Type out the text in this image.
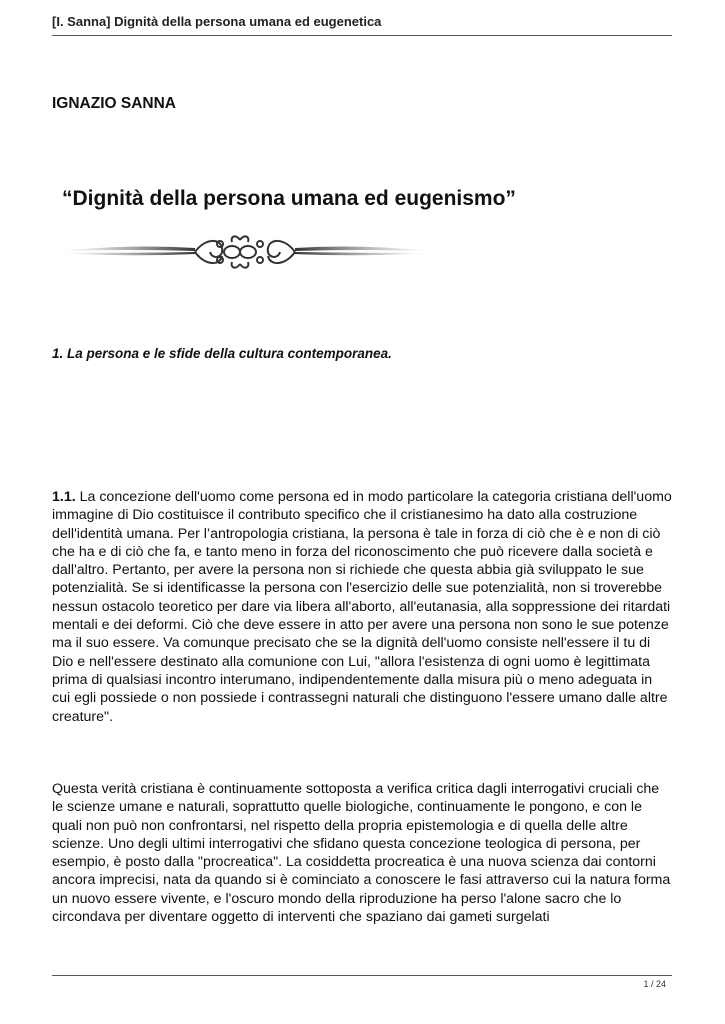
[I. Sanna] Dignità della persona umana ed eugenetica
IGNAZIO SANNA
“Dignità della persona umana ed eugenismo”
1. La persona e le sfide della cultura contemporanea.

1.1. La concezione dell'uomo come persona ed in modo particolare la categoria cristiana dell'uomo immagine di Dio costituisce il contributo specifico che il cristianesimo ha dato alla costruzione dell'identità umana. Per l’antropologia cristiana, la persona è tale in forza di ciò che è e non di ciò che ha e di ciò che fa, e tanto meno in forza del riconoscimento che può ricevere dalla società e dall'altro. Pertanto, per avere la persona non si richiede che questa abbia già sviluppato le sue potenzialità. Se si identificasse la persona con l'esercizio delle sue potenzialità, non si troverebbe nessun ostacolo teoretico per dare via libera all'aborto, all'eutanasia, alla soppressione dei ritardati mentali e dei deformi. Ciò che deve essere in atto per avere una persona non sono le sue potenze ma il suo essere. Va comunque precisato che se la dignità dell'uomo consiste nell'essere il tu di Dio e nell'essere destinato alla comunione con Lui, "allora l'esistenza di ogni uomo è legittimata prima di qualsiasi incontro interumano, indipendentemente dalla misura più o meno adeguata in cui egli possiede o non possiede i contrassegni naturali che distinguono l'essere umano dalle altre creature".

Questa verità cristiana è continuamente sottoposta a verifica critica dagli interrogativi cruciali che le scienze umane e naturali, soprattutto quelle biologiche, continuamente le pongono, e con le quali non può non confrontarsi, nel rispetto della propria epistemologia e di quella delle altre scienze. Uno degli ultimi interrogativi che sfidano questa concezione teologica di persona, per esempio, è posto dalla "procreatica". La cosiddetta procreatica è una nuova scienza dai contorni ancora imprecisi, nata da quando si è cominciato a conoscere le fasi attraverso cui la natura forma un nuovo essere vivente, e l'oscuro mondo della riproduzione ha perso l'alone sacro che lo circondava per diventare oggetto di interventi che spaziano dai gameti surgelati

1 / 24
